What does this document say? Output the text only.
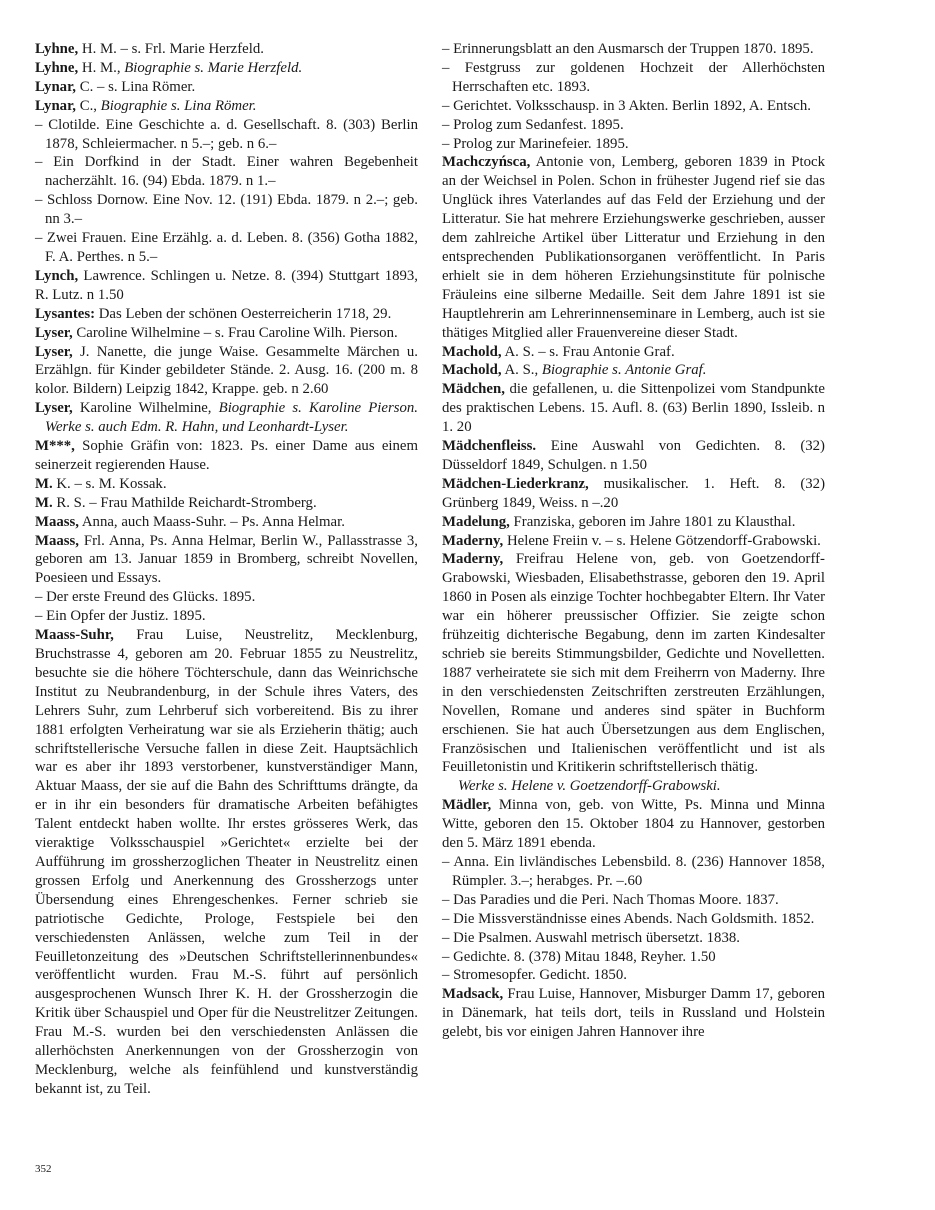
Lyhne, H. M. – s. Frl. Marie Herzfeld.
Lyhne, H. M., Biographie s. Marie Herzfeld.
Lynar, C. – s. Lina Römer.
Lynar, C., Biographie s. Lina Römer.
– Clotilde. Eine Geschichte a. d. Gesellschaft. 8. (303) Berlin 1878, Schleiermacher. n 5.–; geb. n 6.–
– Ein Dorfkind in der Stadt. Einer wahren Begebenheit nacherzählt. 16. (94) Ebda. 1879. n 1.–
– Schloss Dornow. Eine Nov. 12. (191) Ebda. 1879. n 2.–; geb. nn 3.–
– Zwei Frauen. Eine Erzählg. a. d. Leben. 8. (356) Gotha 1882, F. A. Perthes. n 5.–
Lynch, Lawrence. Schlingen u. Netze. 8. (394) Stuttgart 1893, R. Lutz. n 1.50
Lysantes: Das Leben der schönen Oesterreicherin 1718, 29.
Lyser, Caroline Wilhelmine – s. Frau Caroline Wilh. Pierson.
Lyser, J. Nanette, die junge Waise. Gesammelte Märchen u. Erzählgn. für Kinder gebildeter Stände. 2. Ausg. 16. (200 m. 8 kolor. Bildern) Leipzig 1842, Krappe. geb. n 2.60
Lyser, Karoline Wilhelmine, Biographie s. Karoline Pierson. Werke s. auch Edm. R. Hahn, und Leonhardt-Lyser.
M***, Sophie Gräfin von: 1823. Ps. einer Dame aus einem seinerzeit regierenden Hause.
M. K. – s. M. Kossak.
M. R. S. – Frau Mathilde Reichardt-Stromberg.
Maass, Anna, auch Maass-Suhr. – Ps. Anna Helmar.
Maass, Frl. Anna, Ps. Anna Helmar, Berlin W., Pallasstrasse 3, geboren am 13. Januar 1859 in Bromberg, schreibt Novellen, Poesieen und Essays.
– Der erste Freund des Glücks. 1895.
– Ein Opfer der Justiz. 1895.
Maass-Suhr, Frau Luise, Neustrelitz, Mecklenburg, Bruchstrasse 4, geboren am 20. Februar 1855 zu Neustrelitz, besuchte sie die höhere Töchterschule, dann das Weinrichsche Institut zu Neubrandenburg, in der Schule ihres Vaters, des Lehrers Suhr, zum Lehrberuf sich vorbereitend. Bis zu ihrer 1881 erfolgten Verheiratung war sie als Erzieherin thätig; auch schriftstellerische Versuche fallen in diese Zeit. Hauptsächlich war es aber ihr 1893 verstorbener, kunstverständiger Mann, Aktuar Maass, der sie auf die Bahn des Schrifttums drängte, da er in ihr ein besonders für dramatische Arbeiten befähigtes Talent entdeckt haben wollte. Ihr erstes grösseres Werk, das vieraktige Volksschauspiel »Gerichtet« erzielte bei der Aufführung im grossherzoglichen Theater in Neustrelitz einen grossen Erfolg und Anerkennung des Grossherzogs unter Übersendung eines Ehrengeschenkes. Ferner schrieb sie patriotische Gedichte, Prologe, Festspiele bei den verschiedensten Anlässen, welche zum Teil in der Feuilletonzeitung des »Deutschen Schriftstellerinnenbundes« veröffentlicht wurden. Frau M.-S. führt auf persönlich ausgesprochenen Wunsch Ihrer K. H. der Grossherzogin die Kritik über Schauspiel und Oper für die Neustrelitzer Zeitungen. Frau M.-S. wurden bei den verschiedensten Anlässen die allerhöchsten Anerkennungen von der Grossherzogin von Mecklenburg, welche als feinfühlend und kunstverständig bekannt ist, zu Teil.
– Erinnerungsblatt an den Ausmarsch der Truppen 1870. 1895.
– Festgruss zur goldenen Hochzeit der Allerhöchsten Herrschaften etc. 1893.
– Gerichtet. Volksschausp. in 3 Akten. Berlin 1892, A. Entsch.
– Prolog zum Sedanfest. 1895.
– Prolog zur Marinefeier. 1895.
Machczyńsca, Antonie von, Lemberg, geboren 1839 in Ptock an der Weichsel in Polen. Schon in frühester Jugend rief sie das Unglück ihres Vaterlandes auf das Feld der Erziehung und der Litteratur. Sie hat mehrere Erziehungswerke geschrieben, ausser dem zahlreiche Artikel über Litteratur und Erziehung in den entsprechenden Publikationsorganen veröffentlicht. In Paris erhielt sie in dem höheren Erziehungsinstitute für polnische Fräuleins eine silberne Medaille. Seit dem Jahre 1891 ist sie Hauptlehrerin am Lehrerinnenseminare in Lemberg, auch ist sie thätiges Mitglied aller Frauenvereine dieser Stadt.
Machold, A. S. – s. Frau Antonie Graf.
Machold, A. S., Biographie s. Antonie Graf.
Mädchen, die gefallenen, u. die Sittenpolizei vom Standpunkte des praktischen Lebens. 15. Aufl. 8. (63) Berlin 1890, Issleib. n 1. 20
Mädchenfleiss. Eine Auswahl von Gedichten. 8. (32) Düsseldorf 1849, Schulgen. n 1.50
Mädchen-Liederkranz, musikalischer. 1. Heft. 8. (32) Grünberg 1849, Weiss. n –.20
Madelung, Franziska, geboren im Jahre 1801 zu Klausthal.
Maderny, Helene Freiin v. – s. Helene Götzendorff-Grabowski.
Maderny, Freifrau Helene von, geb. von Goetzendorff-Grabowski, Wiesbaden, Elisabethstrasse, geboren den 19. April 1860 in Posen als einzige Tochter hochbegabter Eltern. Ihr Vater war ein höherer preussischer Offizier. Sie zeigte schon frühzeitig dichterische Begabung, denn im zarten Kindesalter schrieb sie bereits Stimmungsbilder, Gedichte und Novelletten. 1887 verheiratete sie sich mit dem Freiherrn von Maderny. Ihre in den verschiedensten Zeitschriften zerstreuten Erzählungen, Novellen, Romane und anderes sind später in Buchform erschienen. Sie hat auch Übersetzungen aus dem Englischen, Französischen und Italienischen veröffentlicht und ist als Feuilletonistin und Kritikerin schriftstellerisch thätig.
Werke s. Helene v. Goetzendorff-Grabowski.
Mädler, Minna von, geb. von Witte, Ps. Minna und Minna Witte, geboren den 15. Oktober 1804 zu Hannover, gestorben den 5. März 1891 ebenda.
– Anna. Ein livländisches Lebensbild. 8. (236) Hannover 1858, Rümpler. 3.–; herabges. Pr. –.60
– Das Paradies und die Peri. Nach Thomas Moore. 1837.
– Die Missverständnisse eines Abends. Nach Goldsmith. 1852.
– Die Psalmen. Auswahl metrisch übersetzt. 1838.
– Gedichte. 8. (378) Mitau 1848, Reyher. 1.50
– Stromesopfer. Gedicht. 1850.
Madsack, Frau Luise, Hannover, Misburger Damm 17, geboren in Dänemark, hat teils dort, teils in Russland und Holstein gelebt, bis vor einigen Jahren Hannover ihre
352
